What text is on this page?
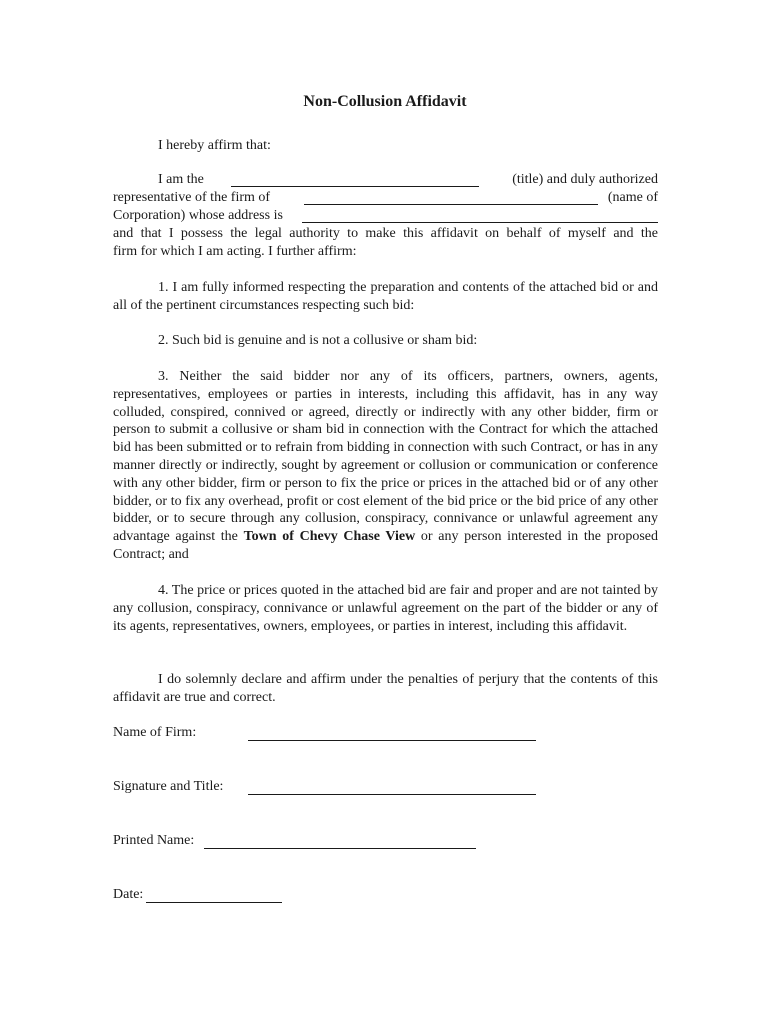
Non-Collusion Affidavit

I hereby affirm that:

I am the	(title) and duly authorized
representative of the firm of	(name of
Corporation) whose address is
and that I possess the legal authority to make this affidavit on behalf of myself and the
firm for which I am acting. I further affirm:

1. I am fully informed respecting the preparation and contents of the attached bid or and all of the pertinent circumstances respecting such bid:

2. Such bid is genuine and is not a collusive or sham bid:

3. Neither the said bidder nor any of its officers, partners, owners, agents, representatives, employees or parties in interests, including this affidavit, has in any way colluded, conspired, connived or agreed, directly or indirectly with any other bidder, firm or person to submit a collusive or sham bid in connection with the Contract for which the attached bid has been submitted or to refrain from bidding in connection with such Contract, or has in any manner directly or indirectly, sought by agreement or collusion or communication or conference with any other bidder, firm or person to fix the price or prices in the attached bid or of any other bidder, or to fix any overhead, profit or cost element of the bid price or the bid price of any other bidder, or to secure through any collusion, conspiracy, connivance or unlawful agreement any advantage against the Town of Chevy Chase View or any person interested in the proposed Contract; and

4. The price or prices quoted in the attached bid are fair and proper and are not tainted by any collusion, conspiracy, connivance or unlawful agreement on the part of the bidder or any of its agents, representatives, owners, employees, or parties in interest, including this affidavit.

I do solemnly declare and affirm under the penalties of perjury that the contents of this affidavit are true and correct.

Name of Firm:
Signature and Title:
Printed Name:
Date:
